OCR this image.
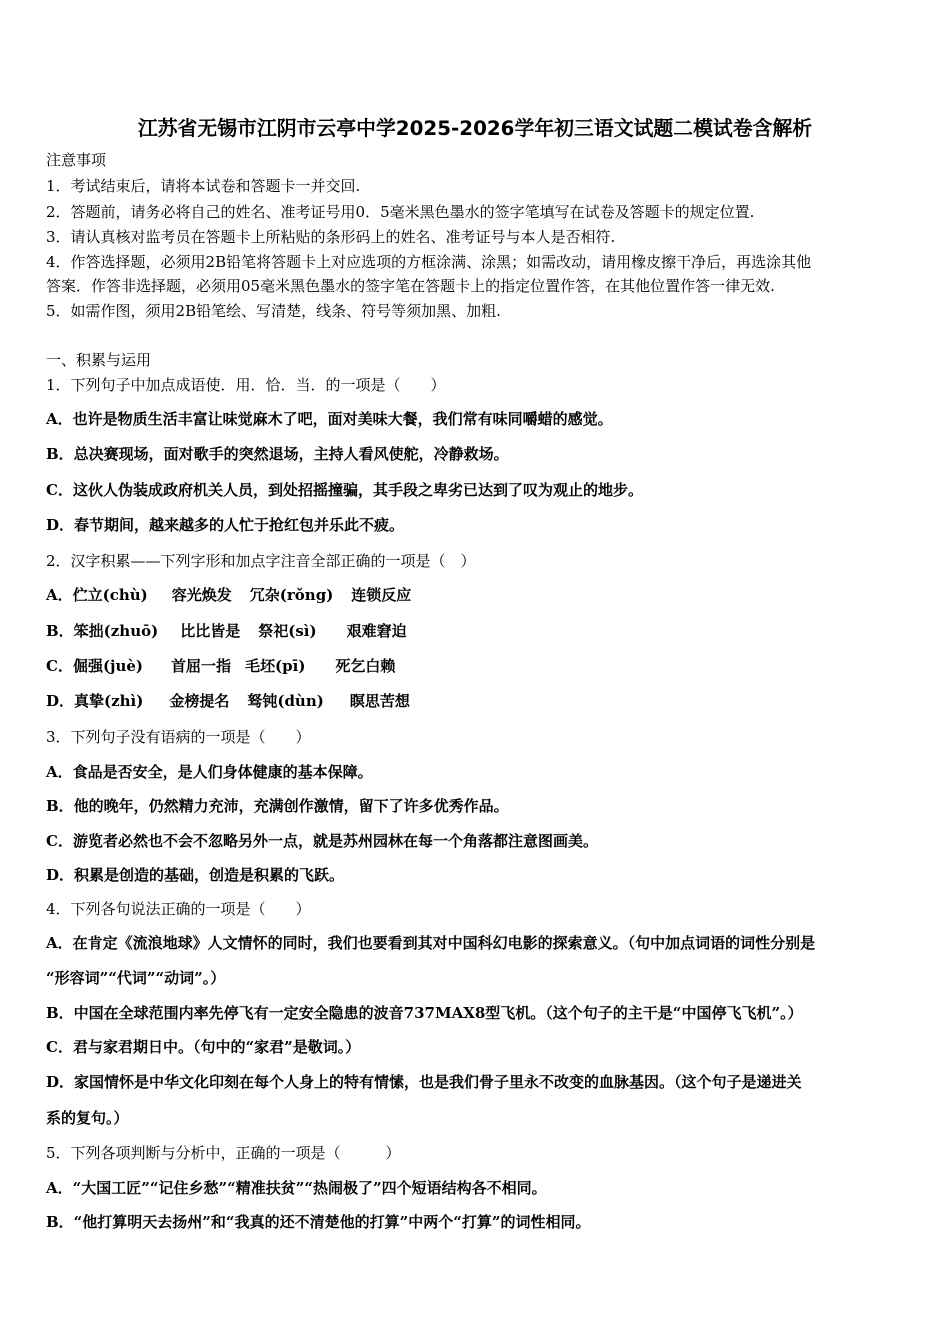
江苏省无锡市江阴市云亭中学2025-2026学年初三语文试题二模试卷含解析
注意事项
1．考试结束后，请将本试卷和答题卡一并交回.
2．答题前，请务必将自己的姓名、准考证号用0．5毫米黑色墨水的签字笔填写在试卷及答题卡的规定位置.
3．请认真核对监考员在答题卡上所粘贴的条形码上的姓名、准考证号与本人是否相符.
4．作答选择题，必须用2B铅笔将答题卡上对应选项的方框涂满、涂黑；如需改动，请用橡皮擦干净后，再选涂其他
答案．作答非选择题，必须用05毫米黑色墨水的签字笔在答题卡上的指定位置作答，在其他位置作答一律无效.
5．如需作图，须用2B铅笔绘、写清楚，线条、符号等须加黑、加粗.
一、积累与运用
1．下列句子中加点成语使．用．恰．当．的一项是（　　）
A．也许是物质生活丰富让味觉麻木了吧，面对美味大餐，我们常有味同嚼蜡的感觉。
B．总决赛现场，面对歌手的突然退场，主持人看风使舵，冷静救场。
C．这伙人伪装成政府机关人员，到处招摇撞骗，其手段之卑劣已达到了叹为观止的地步。
D．春节期间，越来越多的人忙于抢红包并乐此不疲。
2．汉字积累——下列字形和加点字注音全部正确的一项是（　）
A．伫立(chù) 容光焕发 冗杂(rǒng) 连锁反应
B．笨拙(zhuō) 比比皆是 祭祀(sì) 艰难窘迫
C．倔强(juè) 首屈一指 毛坯(pī) 死乞白赖
D．真挚(zhì) 金榜提名 驽钝(dùn) 瞑思苦想
3．下列句子没有语病的一项是（　　）
A．食品是否安全，是人们身体健康的基本保障。
B．他的晚年，仍然精力充沛，充满创作激情，留下了许多优秀作品。
C．游览者必然也不会不忽略另外一点，就是苏州园林在每一个角落都注意图画美。
D．积累是创造的基础，创造是积累的飞跃。
4．下列各句说法正确的一项是（　　）
A．在肯定《流浪地球》人文情怀的同时，我们也要看到其对中国科幻电影的探索意义。（句中加点词语的词性分别是
“形容词”“代词”“动词”。）
B．中国在全球范围内率先停飞有一定安全隐患的波音737MAX8型飞机。（这个句子的主干是“中国停飞飞机”。）
C．君与家君期日中。（句中的“家君”是敬词。）
D．家国情怀是中华文化印刻在每个人身上的特有情愫，也是我们骨子里永不改变的血脉基因。（这个句子是递进关
系的复句。）
5．下列各项判断与分析中，正确的一项是（　　　）
A．“大国工匠”“记住乡愁”“精准扶贫”“热闹极了”四个短语结构各不相同。
B．“他打算明天去扬州”和“我真的还不清楚他的打算”中两个“打算”的词性相同。
